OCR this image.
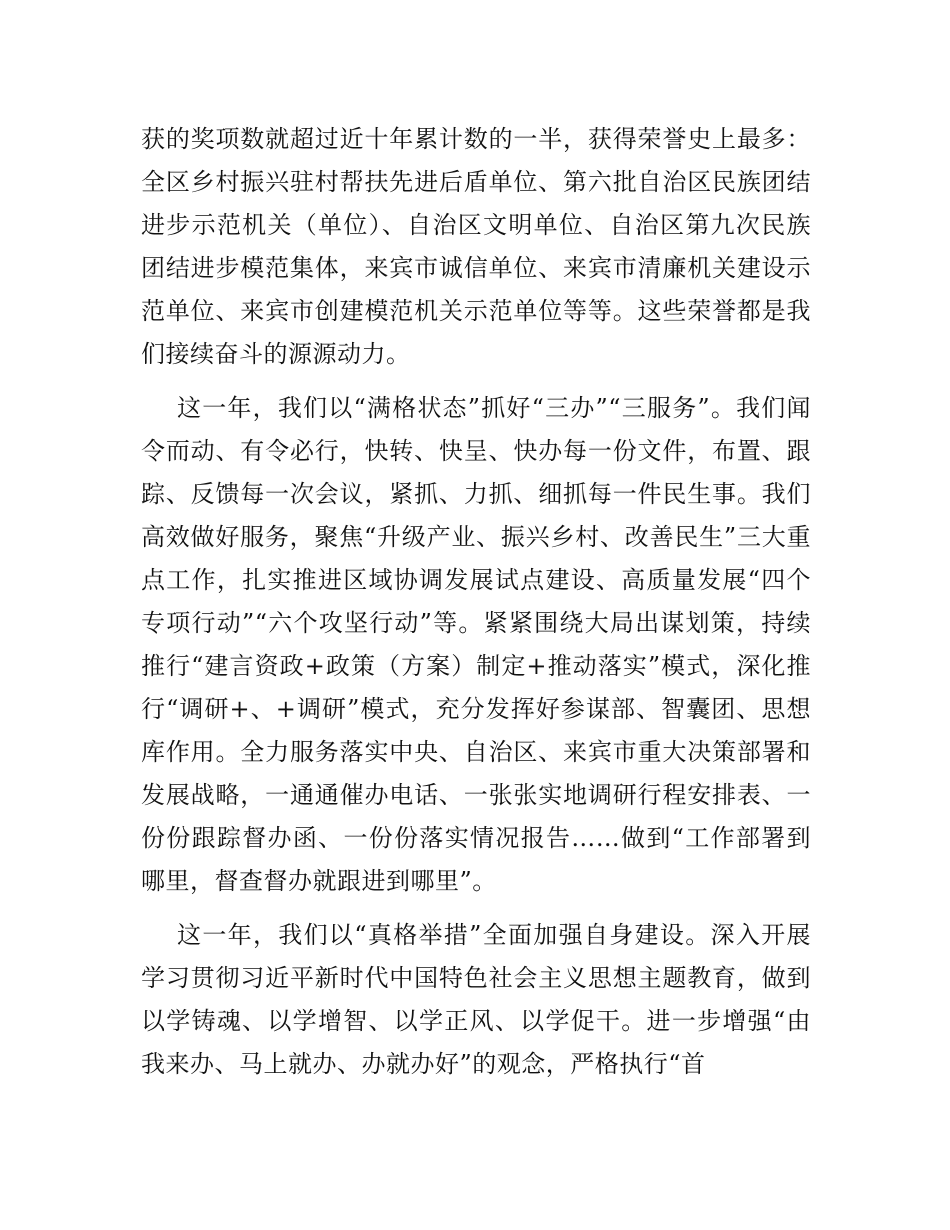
获的奖项数就超过近十年累计数的一半，获得荣誉史上最多：全区乡村振兴驻村帮扶先进后盾单位、第六批自治区民族团结进步示范机关（单位）、自治区文明单位、自治区第九次民族团结进步模范集体，来宾市诚信单位、来宾市清廉机关建设示范单位、来宾市创建模范机关示范单位等等。这些荣誉都是我们接续奋斗的源源动力。

这一年，我们以“满格状态”抓好“三办”“三服务”。我们闻令而动、有令必行，快转、快呈、快办每一份文件，布置、跟踪、反馈每一次会议，紧抓、力抓、细抓每一件民生事。我们高效做好服务，聚焦“升级产业、振兴乡村、改善民生”三大重点工作，扎实推进区域协调发展试点建设、高质量发展“四个专项行动”“六个攻坚行动”等。紧紧围绕大局出谋划策，持续推行“建言资政+政策（方案）制定+推动落实”模式，深化推行“调研+、+调研”模式，充分发挥好参谋部、智囊团、思想库作用。全力服务落实中央、自治区、来宾市重大决策部署和发展战略，一通通催办电话、一张张实地调研行程安排表、一份份跟踪督办函、一份份落实情况报告……做到“工作部署到哪里，督查督办就跟进到哪里”。

这一年，我们以“真格举措”全面加强自身建设。深入开展学习贯彻习近平新时代中国特色社会主义思想主题教育，做到以学铸魂、以学增智、以学正风、以学促干。进一步增强“由我来办、马上就办、办就办好”的观念，严格执行“首
